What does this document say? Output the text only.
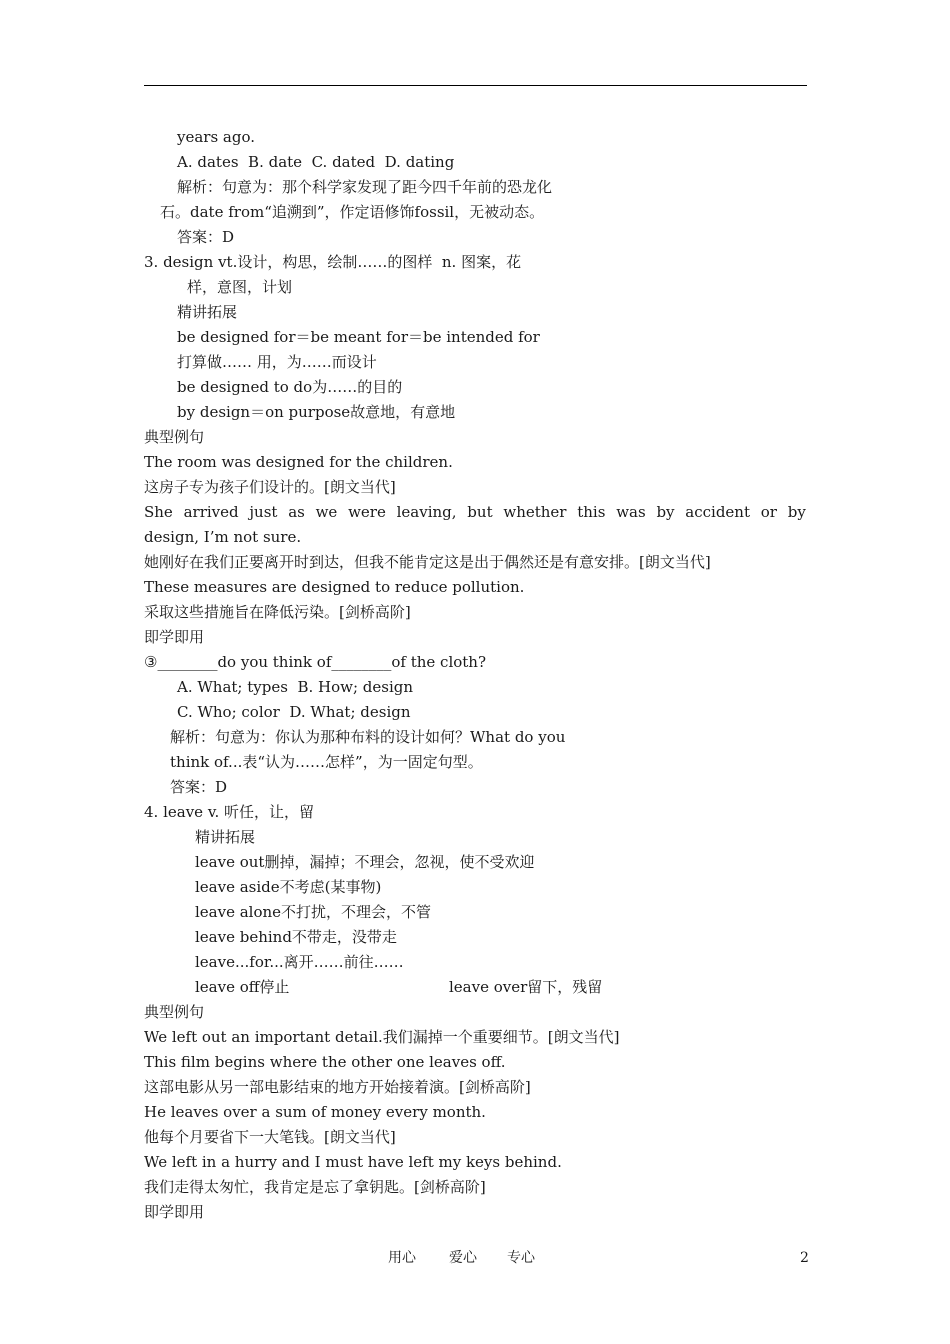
years ago.
A. dates  B. date  C. dated  D. dating
解析：句意为：那个科学家发现了距今四千年前的恐龙化
石。date from“追溯到”，作定语修饰fossil，无被动态。
答案：D
3. design vt.设计，构思，绘制……的图样  n. 图案，花
样，意图，计划
精讲拓展
be designed for＝be meant for＝be intended for
打算做…… 用，为……而设计
be designed to do为……的目的
by design＝on purpose故意地，有意地
典型例句
The room was designed for the children.
这房子专为孩子们设计的。[朗文当代]
She arrived just as we were leaving, but whether this was by accident or by
design, I’m not sure.
她刚好在我们正要离开时到达，但我不能肯定这是出于偶然还是有意安排。[朗文当代]
These measures are designed to reduce pollution.
采取这些措施旨在降低污染。[剑桥高阶]
即学即用
③________do you think of________of the cloth?
A. What; types  B. How; design
C. Who; color  D. What; design
解析：句意为：你认为那种布料的设计如何？What do you
think of...表“认为……怎样”，为一固定句型。
答案：D
4. leave v. 听任，让，留
精讲拓展
leave out删掉，漏掉；不理会，忽视，使不受欢迎
leave aside不考虑(某事物)
leave alone不打扰，不理会，不管
leave behind不带走，没带走
leave...for...离开……前往……
leave off停止	leave over留下，残留
典型例句
We left out an important detail.我们漏掉一个重要细节。[朗文当代]
This film begins where the other one leaves off.
这部电影从另一部电影结束的地方开始接着演。[剑桥高阶]
He leaves over a sum of money every month.
他每个月要省下一大笔钱。[朗文当代]
We left in a hurry and I must have left my keys behind.
我们走得太匆忙，我肯定是忘了拿钥匙。[剑桥高阶]
即学即用
用心 爱心 专心	2
